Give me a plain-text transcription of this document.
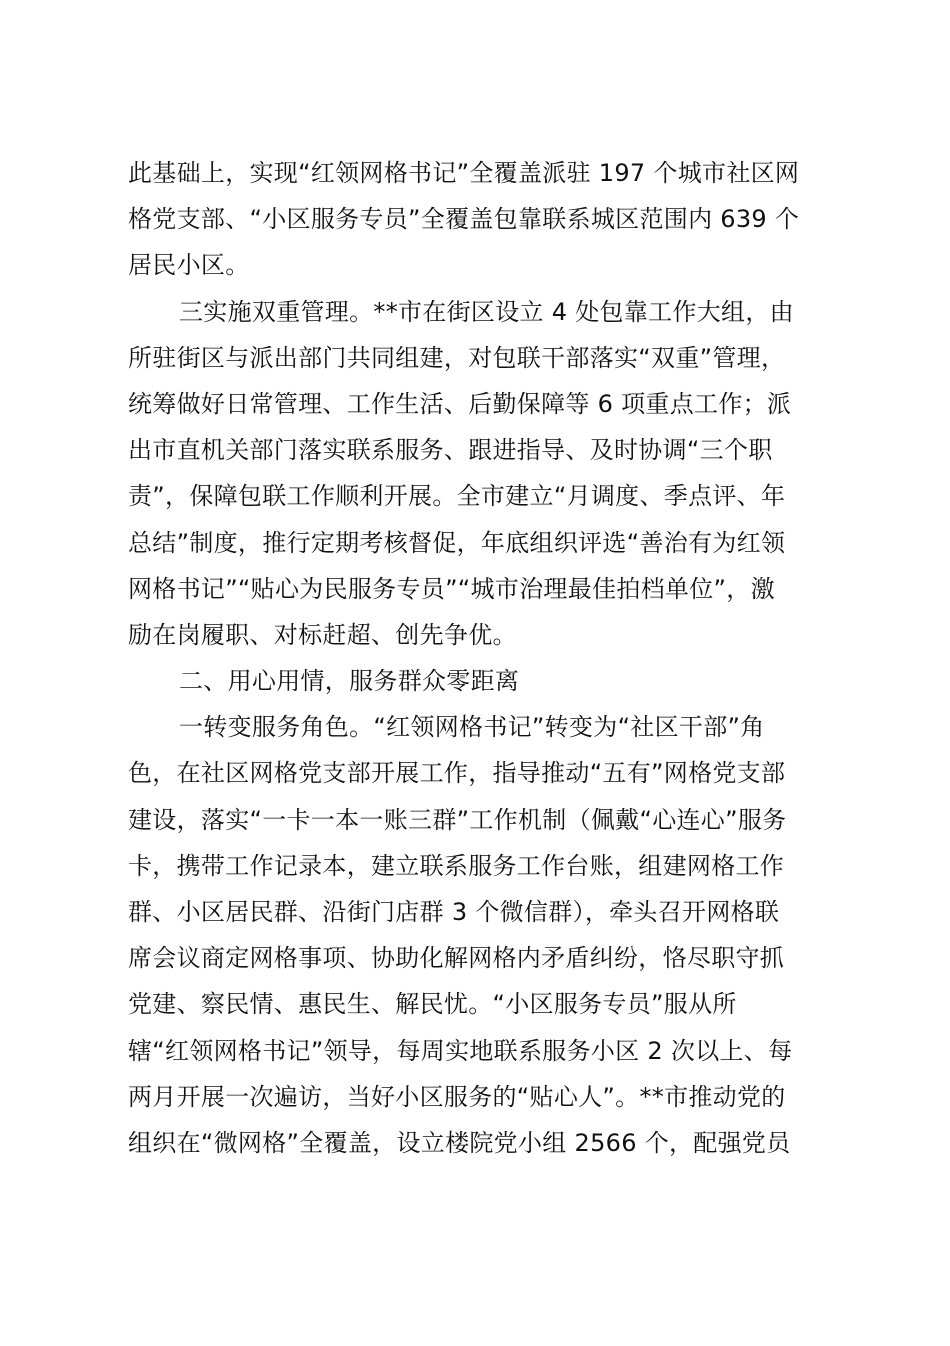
此基础上，实现“红领网格书记”全覆盖派驻 197 个城市社区网
格党支部、“小区服务专员”全覆盖包靠联系城区范围内 639 个
居民小区。
三实施双重管理。**市在街区设立 4 处包靠工作大组，由
所驻街区与派出部门共同组建，对包联干部落实“双重”管理，
统筹做好日常管理、工作生活、后勤保障等 6 项重点工作；派
出市直机关部门落实联系服务、跟进指导、及时协调“三个职
责”，保障包联工作顺利开展。全市建立“月调度、季点评、年
总结”制度，推行定期考核督促，年底组织评选“善治有为红领
网格书记”“贴心为民服务专员”“城市治理最佳拍档单位”，激
励在岗履职、对标赶超、创先争优。
二、用心用情，服务群众零距离
一转变服务角色。“红领网格书记”转变为“社区干部”角
色，在社区网格党支部开展工作，指导推动“五有”网格党支部
建设，落实“一卡一本一账三群”工作机制（佩戴“心连心”服务
卡，携带工作记录本，建立联系服务工作台账，组建网格工作
群、小区居民群、沿街门店群 3 个微信群），牵头召开网格联
席会议商定网格事项、协助化解网格内矛盾纠纷，恪尽职守抓
党建、察民情、惠民生、解民忧。“小区服务专员”服从所
辖“红领网格书记”领导，每周实地联系服务小区 2 次以上、每
两月开展一次遍访，当好小区服务的“贴心人”。**市推动党的
组织在“微网格”全覆盖，设立楼院党小组 2566 个，配强党员
